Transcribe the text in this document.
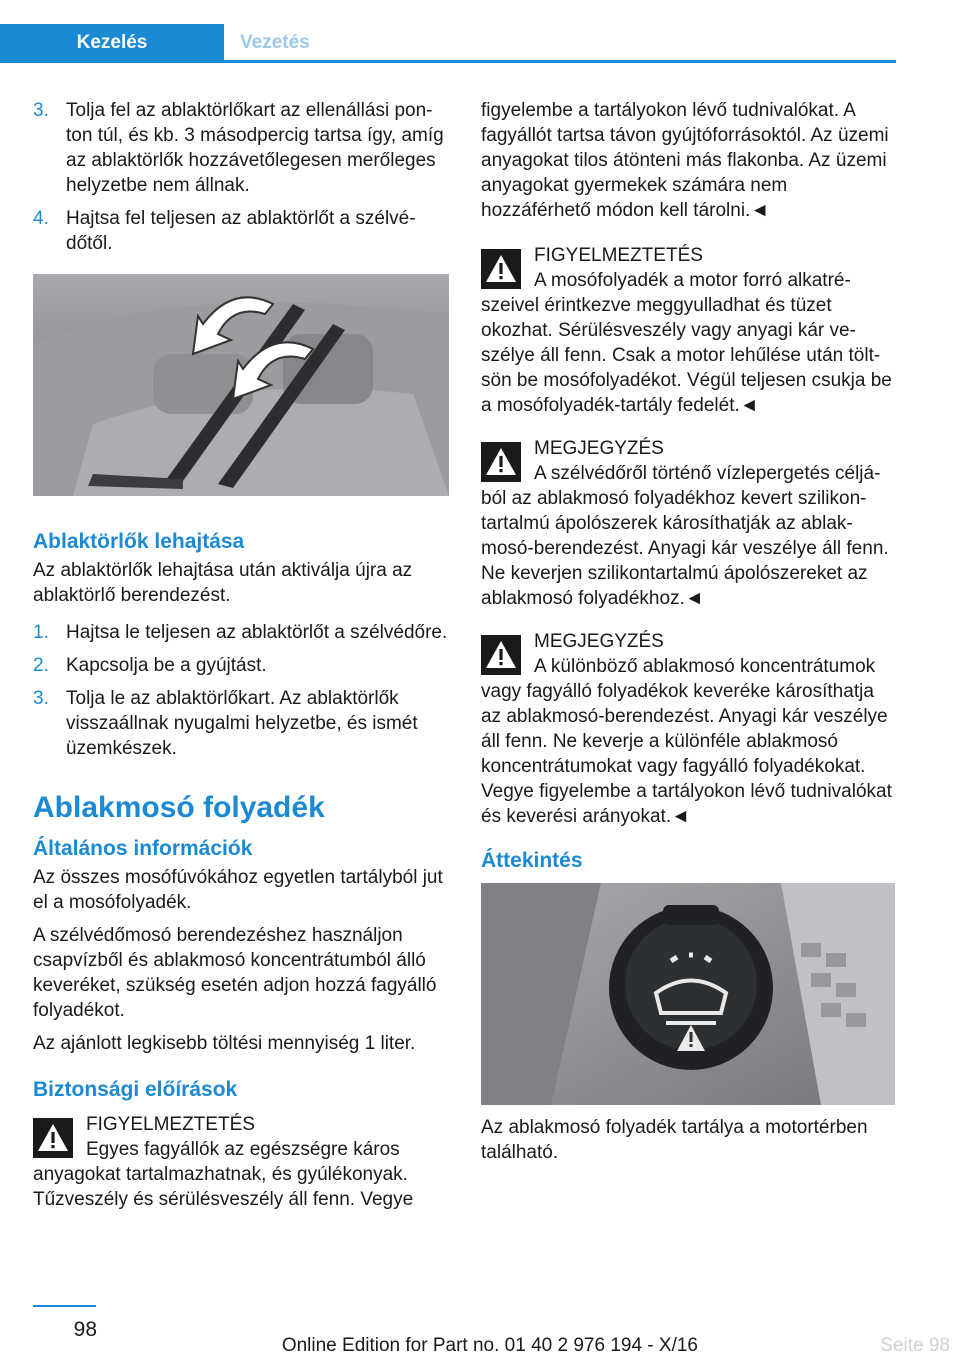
Kezelés	Vezetés
3. Tolja fel az ablaktörlőkart az ellenállási ponton túl, és kb. 3 másodpercig tartsa így, amíg az ablaktörlők hozzávetőlegesen merőleges helyzetbe nem állnak.
4. Hajtsa fel teljesen az ablaktörlőt a szélvédőtől.
Ablaktörlők lehajtása

Az ablaktörlők lehajtása után aktiválja újra az ablaktörlő berendezést.

1. Hajtsa le teljesen az ablaktörlőt a szélvédőre.
2. Kapcsolja be a gyújtást.
3. Tolja le az ablaktörlőkart. Az ablaktörlők visszaállnak nyugalmi helyzetbe, és ismét üzemkészek.
Ablakmosó folyadék
Általános információk

Az összes mosófúvókához egyetlen tartályból jut el a mosófolyadék.

A szélvédőmosó berendezéshez használjon csapvízből és ablakmosó koncentrátumból álló keveréket, szükség esetén adjon hozzá fagyálló folyadékot.

Az ajánlott legkisebb töltési mennyiség 1 liter.

Biztonsági előírások
FIGYELMEZTETÉS
Egyes fagyállók az egészségre káros anyagokat tartalmazhatnak, és gyúlékonyak. Tűzveszély és sérülésveszély áll fenn. Vegye

figyelembe a tartályokon lévő tudnivalókat. A fagyállót tartsa távon gyújtóforrásoktól. Az üzemi anyagokat tilos átönteni más flakonba. Az üzemi anyagokat gyermekek számára nem hozzáférhető módon kell tárolni.◄

FIGYELMEZTETÉS
A mosófolyadék a motor forró alkatrészeivel érintkezve meggyulladhat és tüzet okozhat. Sérülésveszély vagy anyagi kár veszélye áll fenn. Csak a motor lehűlése után töltsön be mosófolyadékot. Végül teljesen csukja be a mosófolyadék-tartály fedelét.◄
MEGJEGYZÉS
A szélvédőről történő vízlepergetés céljából az ablakmosó folyadékhoz kevert szilikontartalmú ápolószerek károsíthatják az ablakmosó-berendezést. Anyagi kár veszélye áll fenn. Ne keverjen szilikontartalmú ápolószereket az ablakmosó folyadékhoz.◄
MEGJEGYZÉS
A különböző ablakmosó koncentrátumok vagy fagyálló folyadékok keveréke károsíthatja az ablakmosó-berendezést. Anyagi kár veszélye áll fenn. Ne keverje a különféle ablakmosó koncentrátumokat vagy fagyálló folyadékokat. Vegye figyelembe a tartályokon lévő tudnivalókat és keverési arányokat.◄
Áttekintés

Az ablakmosó folyadék tartálya a motortérben található.

98
Seite 98
Online Edition for Part no. 01 40 2 976 194 - X/16
